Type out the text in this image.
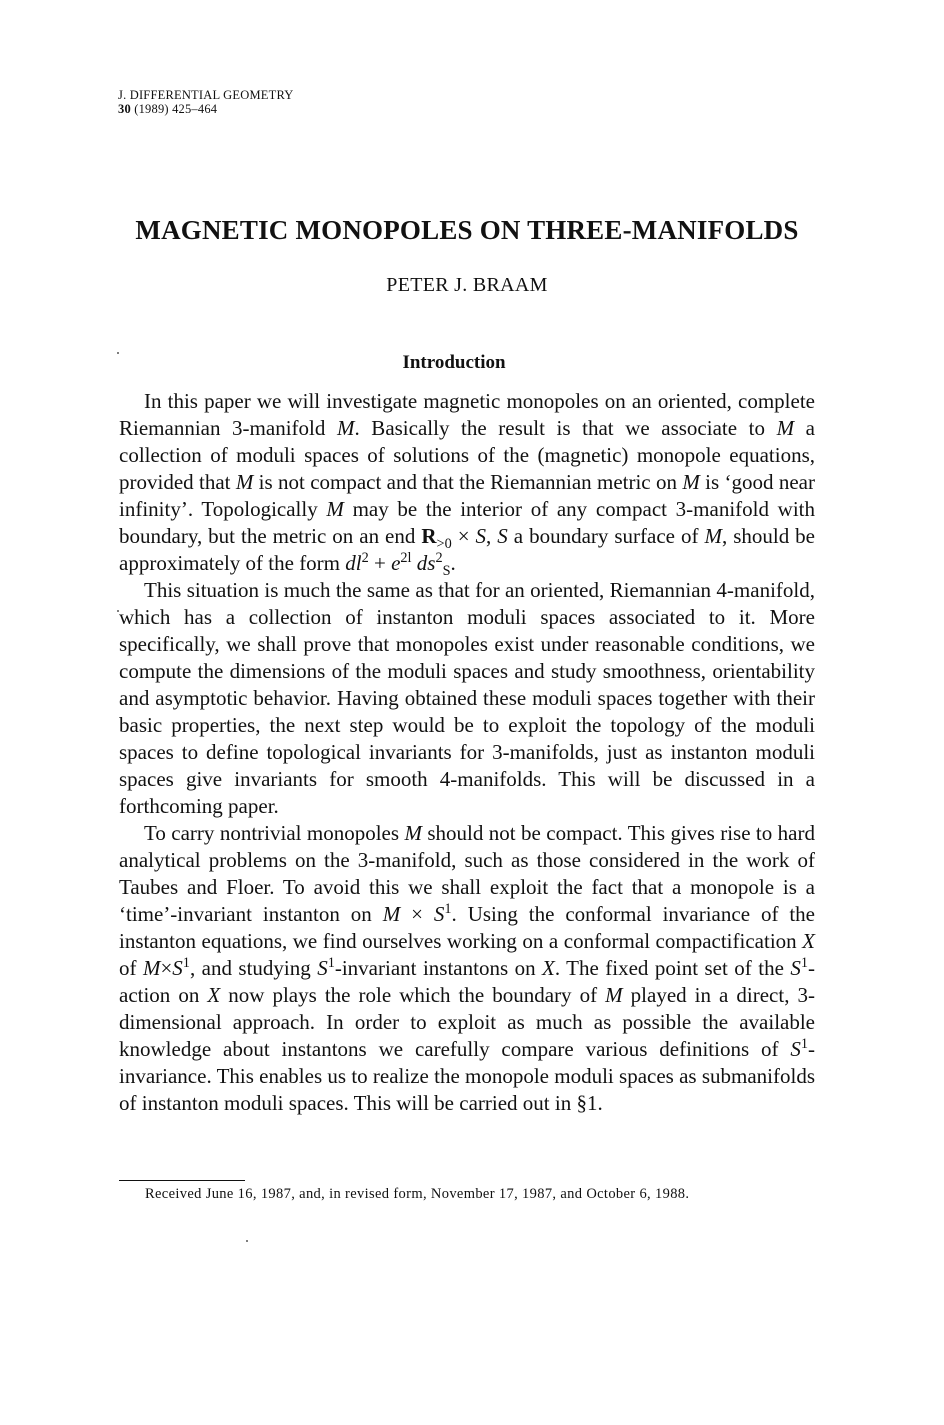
J. DIFFERENTIAL GEOMETRY
30 (1989) 425–464
MAGNETIC MONOPOLES ON THREE-MANIFOLDS
PETER J. BRAAM
Introduction

In this paper we will investigate magnetic monopoles on an oriented, complete Riemannian 3-manifold M. Basically the result is that we associate to M a collection of moduli spaces of solutions of the (magnetic) monopole equations, provided that M is not compact and that the Riemannian metric on M is ‘good near infinity’. Topologically M may be the interior of any compact 3-manifold with boundary, but the metric on an end $R_{>0} \times S$, S a boundary surface of M, should be approximately of the form $dl^2 + e^{2l}$ $ds^2_S$.

This situation is much the same as that for an oriented, Riemannian 4-manifold, which has a collection of instanton moduli spaces associated to it. More specifically, we shall prove that monopoles exist under reasonable conditions, we compute the dimensions of the moduli spaces and study smoothness, orientability and asymptotic behavior. Having obtained these moduli spaces together with their basic properties, the next step would be to exploit the topology of the moduli spaces to define topological invariants for 3-manifolds, just as instanton moduli spaces give invariants for smooth 4-manifolds. This will be discussed in a forthcoming paper.

To carry nontrivial monopoles M should not be compact. This gives rise to hard analytical problems on the 3-manifold, such as those considered in the work of Taubes and Floer. To avoid this we shall exploit the fact that a monopole is a ‘time’-invariant instanton on $M \times S^1$. Using the conformal invariance of the instanton equations, we find ourselves working on a conformal compactification X of $M\times S^1$, and studying $S^1$-invariant instantons on X. The fixed point set of the $S^1$-action on X now plays the role which the boundary of M played in a direct, 3-dimensional approach. In order to exploit as much as possible the available knowledge about instantons we carefully compare various definitions of $S^1$-invariance. This enables us to realize the monopole moduli spaces as submanifolds of instanton moduli spaces. This will be carried out in §1.

Received June 16, 1987, and, in revised form, November 17, 1987, and October 6, 1988.
